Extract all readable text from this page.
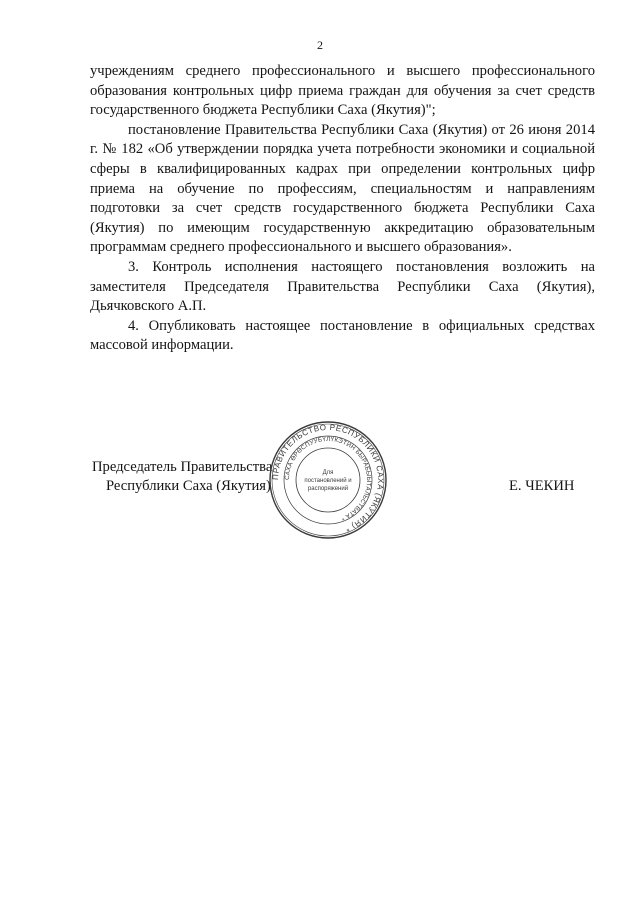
2

учреждениям среднего профессионального и высшего профессионального образования контрольных цифр приема граждан для обучения за счет средств государственного бюджета Республики Саха (Якутия)";

постановление Правительства Республики Саха (Якутия) от 26 июня 2014 г. № 182 «Об утверждении порядка учета потребности экономики и социальной сферы в квалифицированных кадрах при определении контрольных цифр приема на обучение по профессиям, специальностям и направлениям подготовки за счет средств государственного бюджета Республики Саха (Якутия) по имеющим государственную аккредитацию образовательным программам среднего профессионального и высшего образования».

3. Контроль исполнения настоящего постановления возложить на заместителя Председателя Правительства Республики Саха (Якутия), Дьячковского А.П.

4. Опубликовать настоящее постановление в официальных средствах массовой информации.

Председатель Правительства
Республики Саха (Якутия)	Е. ЧЕКИН
ПРАВИТЕЛЬСТВО РЕСПУБЛИКИ САХА (ЯКУТИЯ) *
САХА ӨРӨСПУУБҮЛҮКЭТИН БЫРАБЫЫТАЛЬСТВАТА *
Для
постановлений и
распоряжений
